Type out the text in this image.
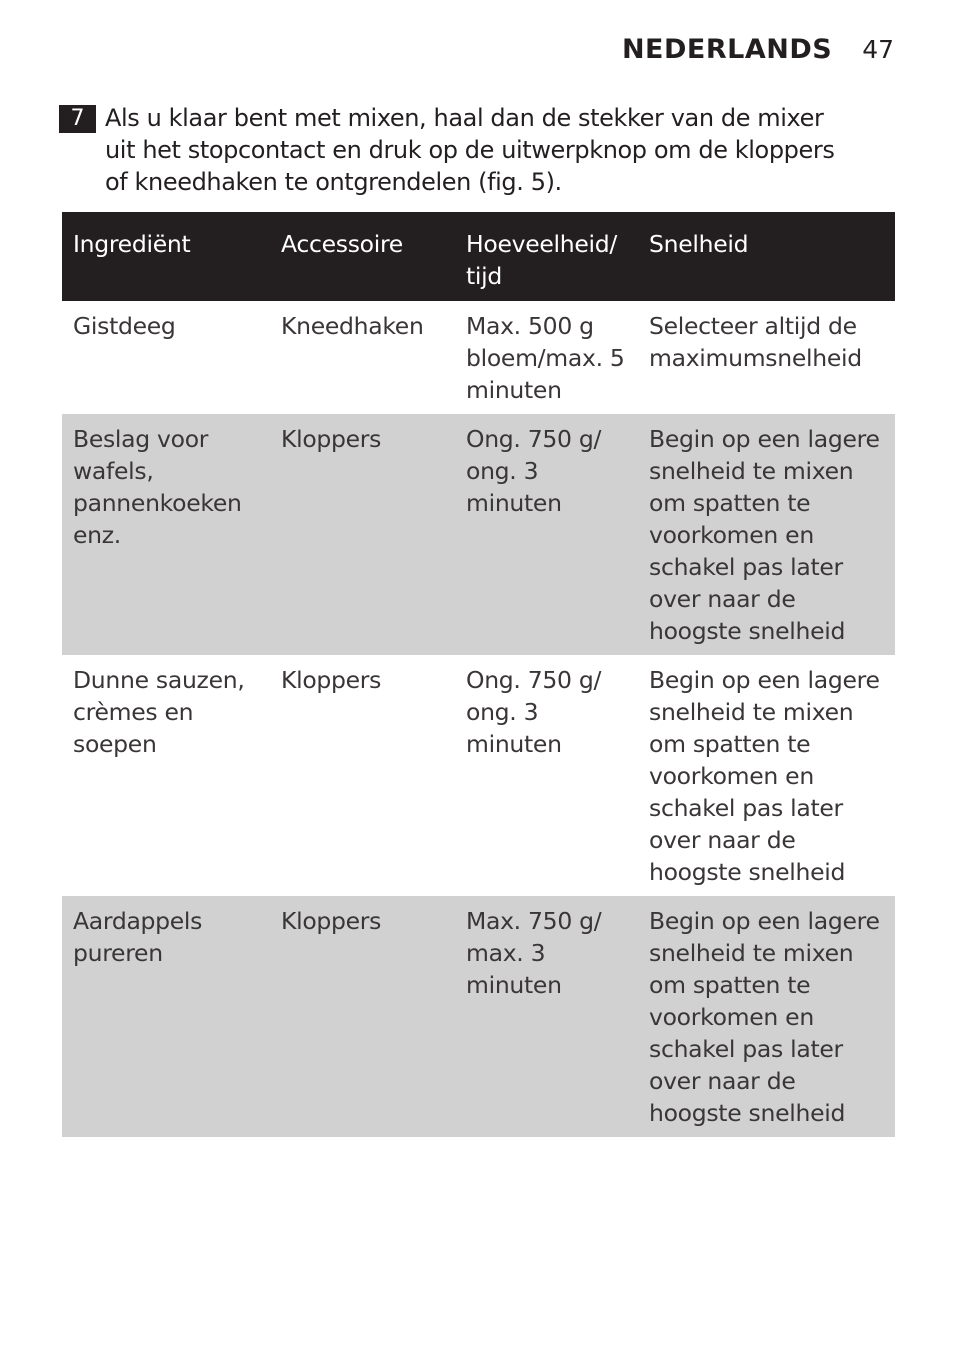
NEDERLANDS 47
7 Als u klaar bent met mixen, haal dan de stekker van de mixer uit het stopcontact en druk op de uitwerpknop om de kloppers of kneedhaken te ontgrendelen (fig. 5).
Ingrediënt	Accessoire	Hoeveelheid/ tijd	Snelheid
Gistdeeg	Kneedhaken	Max. 500 g bloem/max. 5 minuten	Selecteer altijd de maximumsnelheid
Beslag voor wafels, pannenkoeken enz.	Kloppers	Ong. 750 g/ ong. 3 minuten	Begin op een lagere snelheid te mixen om spatten te voorkomen en schakel pas later over naar de hoogste snelheid
Dunne sauzen, crèmes en soepen	Kloppers	Ong. 750 g/ ong. 3 minuten	Begin op een lagere snelheid te mixen om spatten te voorkomen en schakel pas later over naar de hoogste snelheid
Aardappels pureren	Kloppers	Max. 750 g/ max. 3 minuten	Begin op een lagere snelheid te mixen om spatten te voorkomen en schakel pas later over naar de hoogste snelheid
